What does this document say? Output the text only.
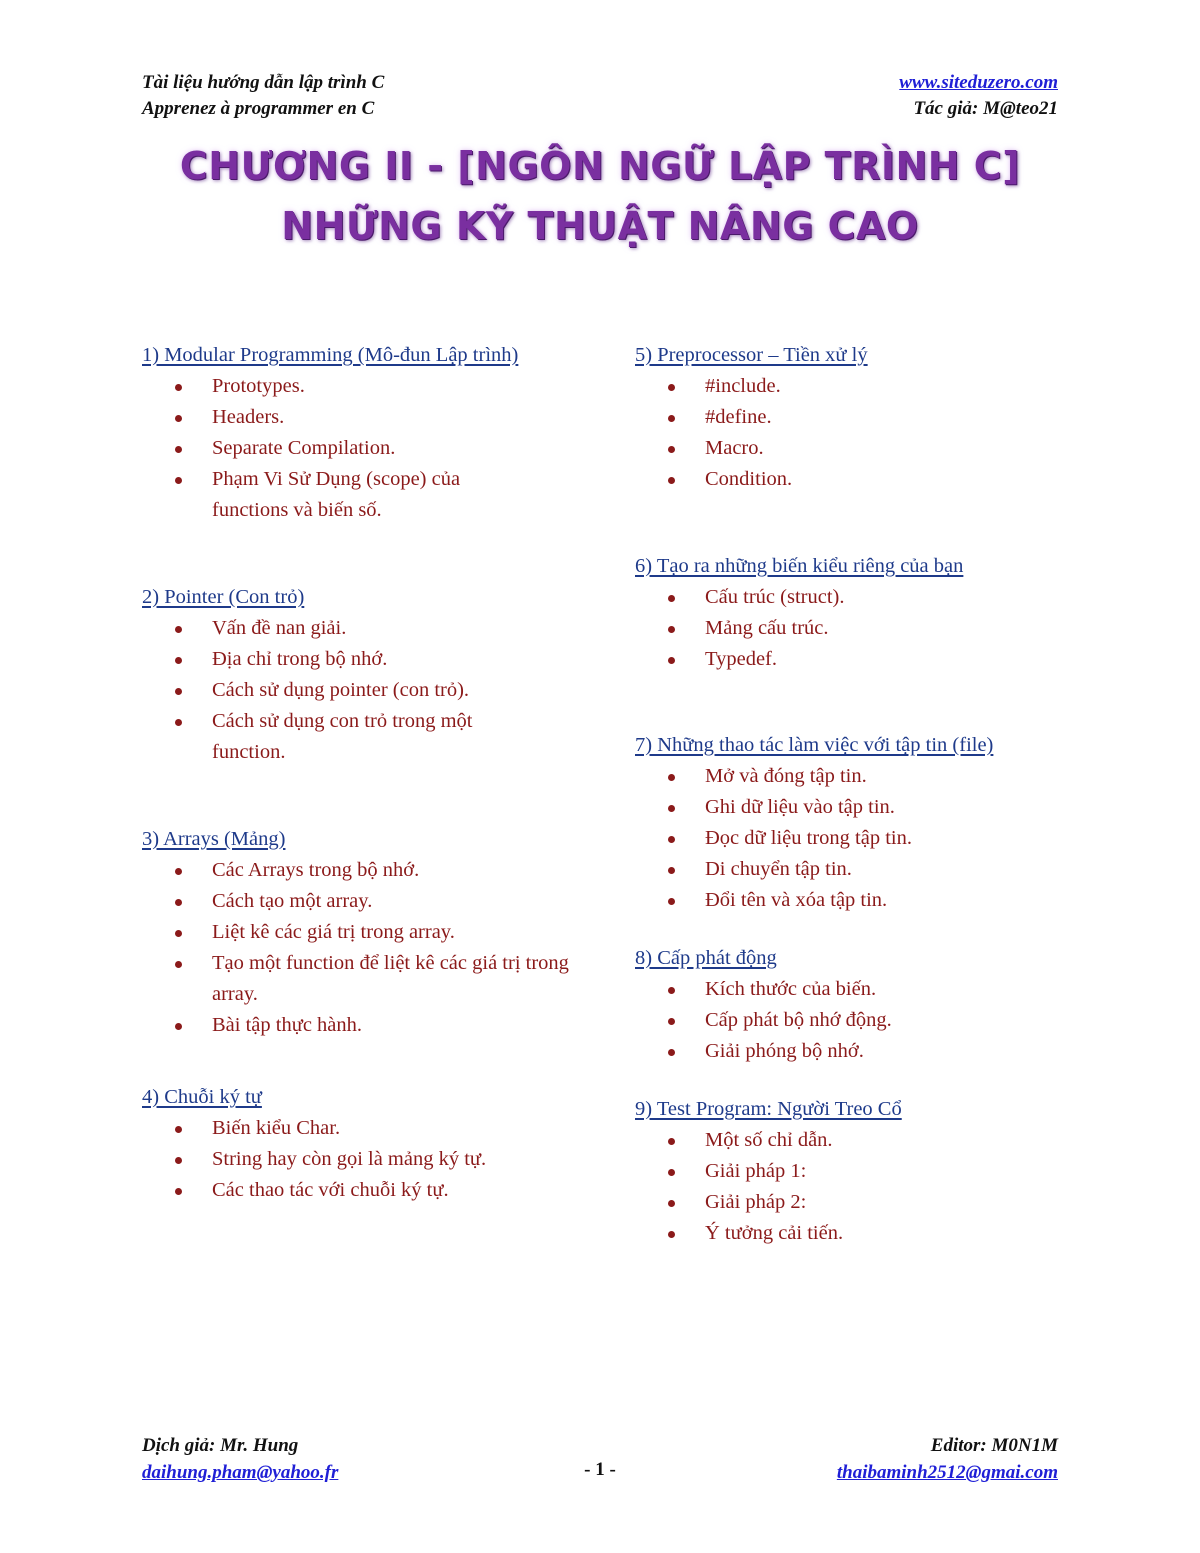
Tài liệu hướng dẫn lập trình C
Apprenez à programmer en C
www.siteduzero.com
Tác giả: M@teo21
CHƯƠNG II - [NGÔN NGỮ LẬP TRÌNH C]
NHỮNG KỸ THUẬT NÂNG CAO
1) Modular Programming (Mô-đun Lập trình)
Prototypes.
Headers.
Separate Compilation.
Phạm Vi Sử Dụng (scope) của functions và biến số.
2) Pointer (Con trỏ)
Vấn đề nan giải.
Địa chỉ trong bộ nhớ.
Cách sử dụng pointer (con trỏ).
Cách sử dụng con trỏ trong một function.
3) Arrays (Mảng)
Các Arrays trong bộ nhớ.
Cách tạo một array.
Liệt kê các giá trị trong array.
Tạo một function để liệt kê các giá trị trong array.
Bài tập thực hành.
4) Chuỗi ký tự
Biến kiểu Char.
String hay còn gọi là mảng ký tự.
Các thao tác với chuỗi ký tự.
5) Preprocessor – Tiền xử lý
#include.
#define.
Macro.
Condition.
6) Tạo ra những biến kiểu riêng của bạn
Cấu trúc (struct).
Mảng cấu trúc.
Typedef.
7) Những thao tác làm việc với tập tin (file)
Mở và đóng tập tin.
Ghi dữ liệu vào tập tin.
Đọc dữ liệu trong tập tin.
Di chuyển tập tin.
Đổi tên và xóa tập tin.
8) Cấp phát động
Kích thước của biến.
Cấp phát bộ nhớ động.
Giải phóng bộ nhớ.
9) Test Program: Người Treo Cổ
Một số chỉ dẫn.
Giải pháp 1:
Giải pháp 2:
Ý tưởng cải tiến.
Dịch giả: Mr. Hung
daihung.pham@yahoo.fr	- 1 -
Editor: M0N1M
thaibaminh2512@gmai.com
